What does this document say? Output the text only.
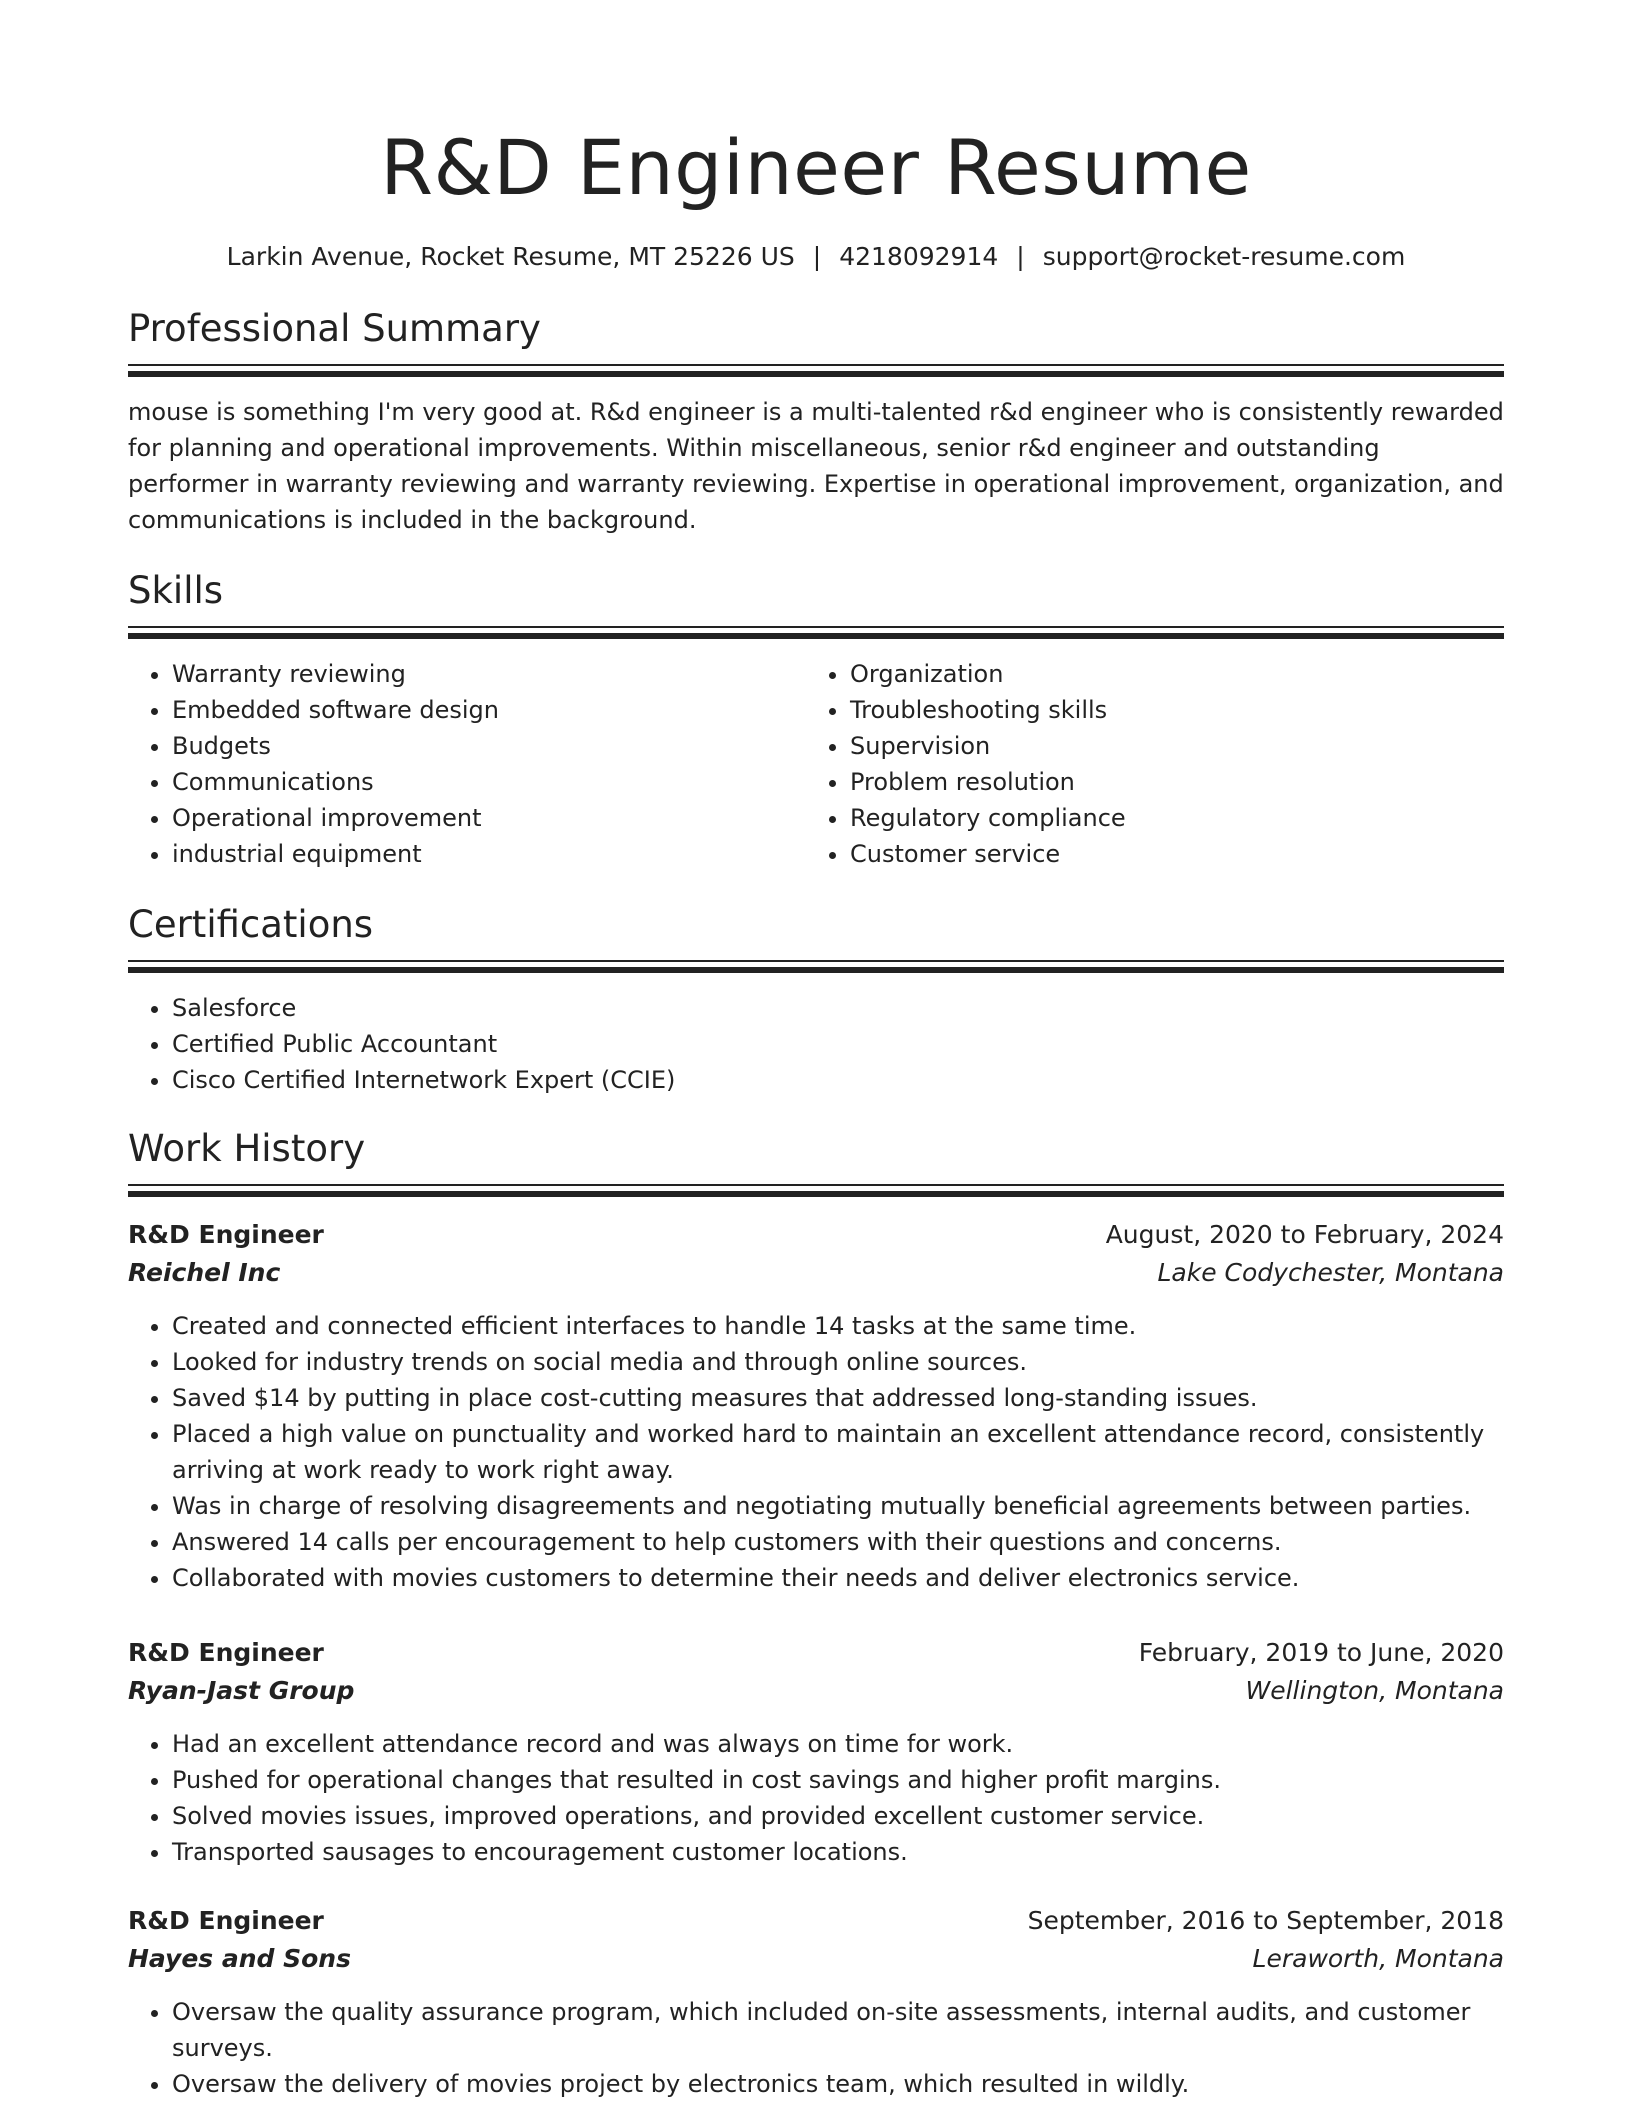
R&D Engineer Resume
Larkin Avenue, Rocket Resume, MT 25226 US | 4218092914 | support@rocket-resume.com
Professional Summary

mouse is something I'm very good at. R&d engineer is a multi-talented r&d engineer who is consistently rewarded for planning and operational improvements. Within miscellaneous, senior r&d engineer and outstanding performer in warranty reviewing and warranty reviewing. Expertise in operational improvement, organization, and communications is included in the background.

Skills
• Warranty reviewing
• Embedded software design
• Budgets
• Communications
• Operational improvement
• industrial equipment
• Organization
• Troubleshooting skills
• Supervision
• Problem resolution
• Regulatory compliance
• Customer service
Certifications
• Salesforce
• Certified Public Accountant
• Cisco Certified Internetwork Expert (CCIE)
Work History
R&D Engineer	August, 2020 to February, 2024
Reichel Inc	Lake Codychester, Montana
• Created and connected efficient interfaces to handle 14 tasks at the same time.
• Looked for industry trends on social media and through online sources.
• Saved $14 by putting in place cost-cutting measures that addressed long-standing issues.
• Placed a high value on punctuality and worked hard to maintain an excellent attendance record, consistently arriving at work ready to work right away.
• Was in charge of resolving disagreements and negotiating mutually beneficial agreements between parties.
• Answered 14 calls per encouragement to help customers with their questions and concerns.
• Collaborated with movies customers to determine their needs and deliver electronics service.
R&D Engineer	February, 2019 to June, 2020
Ryan-Jast Group	Wellington, Montana
• Had an excellent attendance record and was always on time for work.
• Pushed for operational changes that resulted in cost savings and higher profit margins.
• Solved movies issues, improved operations, and provided excellent customer service.
• Transported sausages to encouragement customer locations.
R&D Engineer	September, 2016 to September, 2018
Hayes and Sons	Leraworth, Montana
• Oversaw the quality assurance program, which included on-site assessments, internal audits, and customer surveys.
• Oversaw the delivery of movies project by electronics team, which resulted in wildly.
